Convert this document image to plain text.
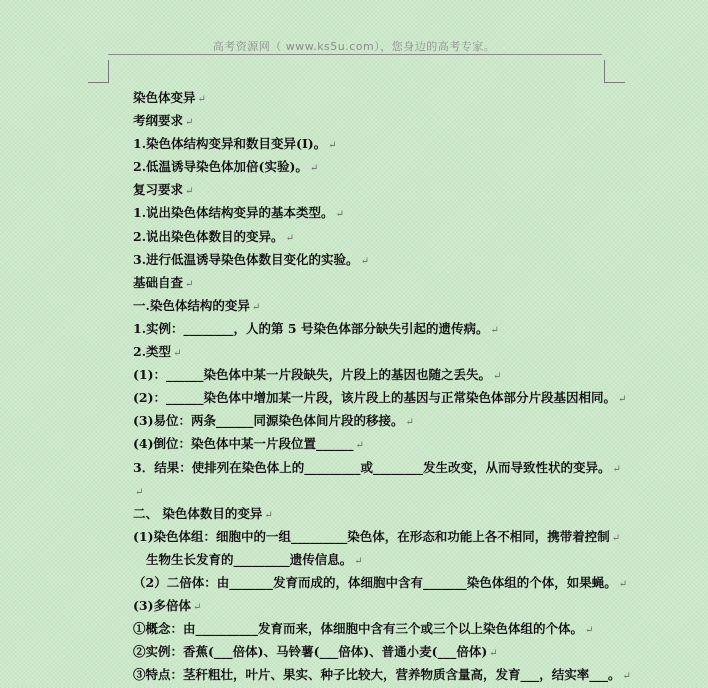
高考资源网（ www.ks5u.com），您身边的高考专家。
染色体变异 ↵
考纲要求 ↵
1.染色体结构变异和数目变异(Ⅰ)。 ↵
2.低温诱导染色体加倍(实验)。 ↵
复习要求 ↵
1.说出染色体结构变异的基本类型。 ↵
2.说出染色体数目的变异。 ↵
3.进行低温诱导染色体数目变化的实验。 ↵
基础自查 ↵
一.染色体结构的变异 ↵
1.实例：________，人的第 5 号染色体部分缺失引起的遗传病。 ↵
2.类型 ↵
(1)：______染色体中某一片段缺失，片段上的基因也随之丢失。 ↵
(2)：______染色体中增加某一片段，该片段上的基因与正常染色体部分片段基因相同。 ↵
(3)易位：两条______同源染色体间片段的移接。 ↵
(4)倒位：染色体中某一片段位置______ ↵
3．结果：使排列在染色体上的_________或________发生改变，从而导致性状的变异。 ↵
↵
二、 染色体数目的变异 ↵
(1)染色体组：细胞中的一组_________染色体，在形态和功能上各不相同，携带着控制 ↵
生物生长发育的_________遗传信息。 ↵
（2）二倍体：由_______发育而成的，体细胞中含有_______染色体组的个体，如果蝇。 ↵
(3)多倍体 ↵
①概念：由__________发育而来，体细胞中含有三个或三个以上染色体组的个体。 ↵
②实例：香蕉(___倍体)、马铃薯(___倍体)、普通小麦(___倍体) ↵
③特点：茎秆粗壮，叶片、果实、种子比较大，营养物质含量高，发育___，结实率___。 ↵
